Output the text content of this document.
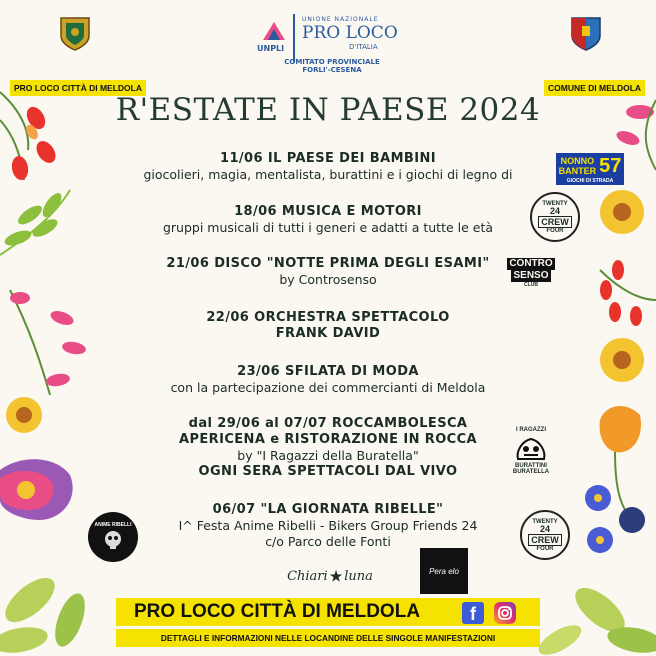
PRO LOCO CITTÀ DI MELDOLA	COMUNE DI MELDOLA
UNPLI
UNIONE NAZIONALE
PRO LOCO
D'ITALIA
COMITATO PROVINCIALE
FORLI'-CESENA
R'ESTATE IN PAESE 2024
11/06 IL PAESE DEI BAMBINI
giocolieri, magia, mentalista, burattini e i giochi di legno di
18/06 MUSICA E MOTORI
gruppi musicali di tutti i generi e adatti a tutte le età
21/06 DISCO "NOTTE PRIMA DEGLI ESAMI"
by Controsenso
22/06 ORCHESTRA SPETTACOLO
FRANK DAVID
23/06 SFILATA DI MODA
con la partecipazione dei commercianti di Meldola
dal 29/06 al 07/07 ROCCAMBOLESCA
APERICENA e RISTORAZIONE IN ROCCA
by "I Ragazzi della Buratella"
OGNI SERA SPETTACOLI DAL VIVO
06/07 "LA GIORNATA RIBELLE"
I^ Festa Anime Ribelli - Bikers Group Friends 24
c/o Parco delle Fonti
NONNO
BANTER 57
GIOCHI DI STRADA
TWENTY
24
CREW
FOUR
CONTRO
SENSO
CLUB
I RAGAZZI
BURATTINI
BURATELLA
ANIME RIBELLI
TWENTY
24
CREW
FOUR
Chiari ★ luna	Pera elo
PRO LOCO CITTÀ DI MELDOLA	f
DETTAGLI E INFORMAZIONI NELLE LOCANDINE DELLE SINGOLE MANIFESTAZIONI
